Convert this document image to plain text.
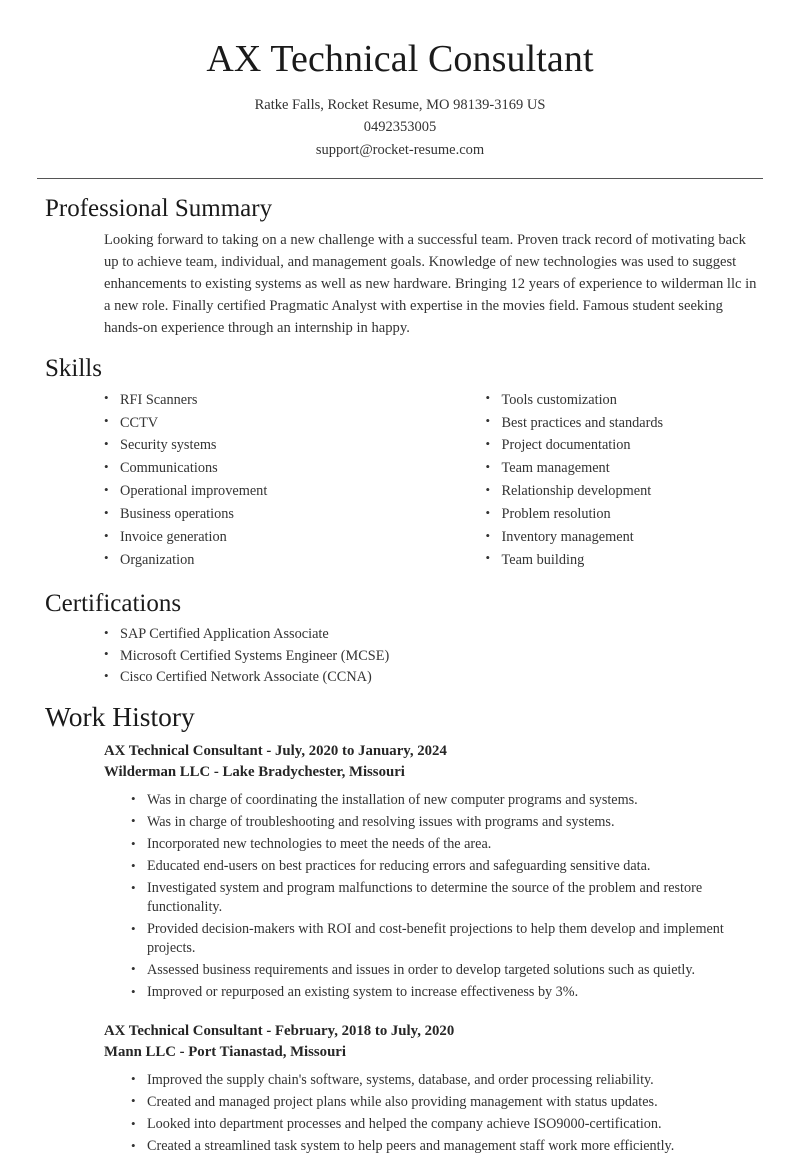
AX Technical Consultant
Ratke Falls, Rocket Resume, MO 98139-3169 US
0492353005
support@rocket-resume.com
Professional Summary

Looking forward to taking on a new challenge with a successful team. Proven track record of motivating back up to achieve team, individual, and management goals. Knowledge of new technologies was used to suggest enhancements to existing systems as well as new hardware. Bringing 12 years of experience to wilderman llc in a new role. Finally certified Pragmatic Analyst with expertise in the movies field. Famous student seeking hands-on experience through an internship in happy.

Skills
• RFI Scanners
• CCTV
• Security systems
• Communications
• Operational improvement
• Business operations
• Invoice generation
• Organization
• Tools customization
• Best practices and standards
• Project documentation
• Team management
• Relationship development
• Problem resolution
• Inventory management
• Team building
Certifications
• SAP Certified Application Associate
• Microsoft Certified Systems Engineer (MCSE)
• Cisco Certified Network Associate (CCNA)
Work History
AX Technical Consultant - July, 2020 to January, 2024
Wilderman LLC - Lake Bradychester, Missouri
• Was in charge of coordinating the installation of new computer programs and systems.
• Was in charge of troubleshooting and resolving issues with programs and systems.
• Incorporated new technologies to meet the needs of the area.
• Educated end-users on best practices for reducing errors and safeguarding sensitive data.
• Investigated system and program malfunctions to determine the source of the problem and restore functionality.
• Provided decision-makers with ROI and cost-benefit projections to help them develop and implement projects.
• Assessed business requirements and issues in order to develop targeted solutions such as quietly.
• Improved or repurposed an existing system to increase effectiveness by 3%.
AX Technical Consultant - February, 2018 to July, 2020
Mann LLC - Port Tianastad, Missouri
• Improved the supply chain's software, systems, database, and order processing reliability.
• Created and managed project plans while also providing management with status updates.
• Looked into department processes and helped the company achieve ISO9000-certification.
• Created a streamlined task system to help peers and management staff work more efficiently.
